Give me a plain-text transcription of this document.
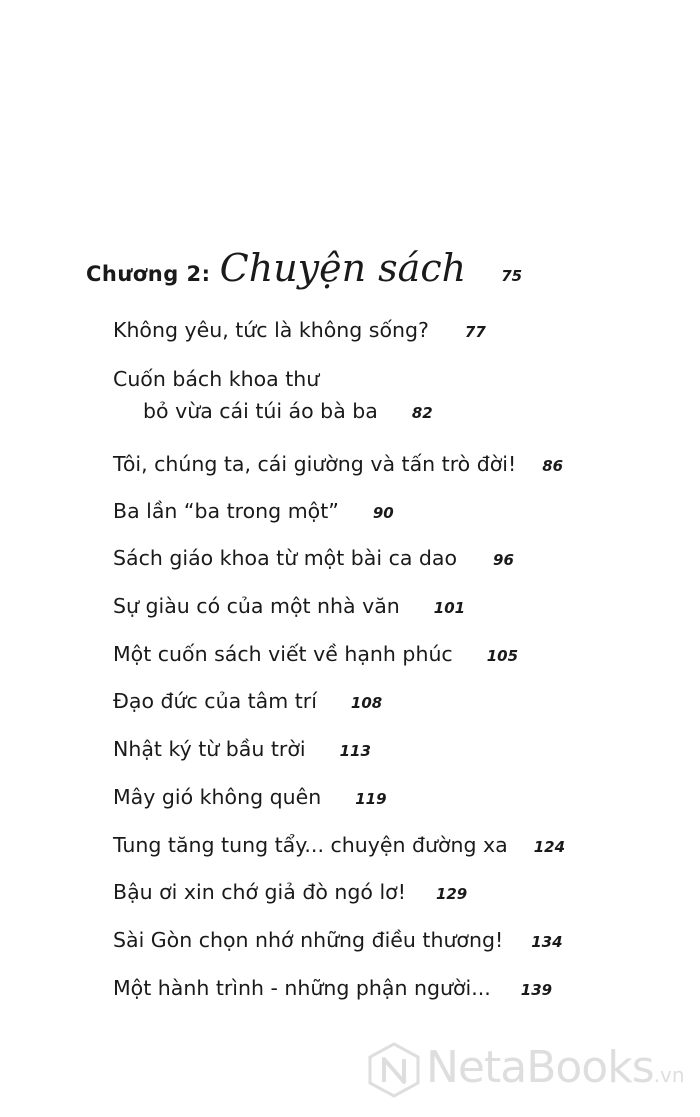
Chương 2: Chuyện sách 75
Không yêu, tức là không sống? 77
Cuốn bách khoa thư
bỏ vừa cái túi áo bà ba 82
Tôi, chúng ta, cái giường và tấn trò đời! 86
Ba lần “ba trong một” 90
Sách giáo khoa từ một bài ca dao 96
Sự giàu có của một nhà văn 101
Một cuốn sách viết về hạnh phúc 105
Đạo đức của tâm trí 108
Nhật ký từ bầu trời 113
Mây gió không quên 119
Tung tăng tung tẩy... chuyện đường xa 124
Bậu ơi xin chớ giả đò ngó lơ! 129
Sài Gòn chọn nhớ những điều thương! 134
Một hành trình - những phận người... 139
NetaBooks.vn
